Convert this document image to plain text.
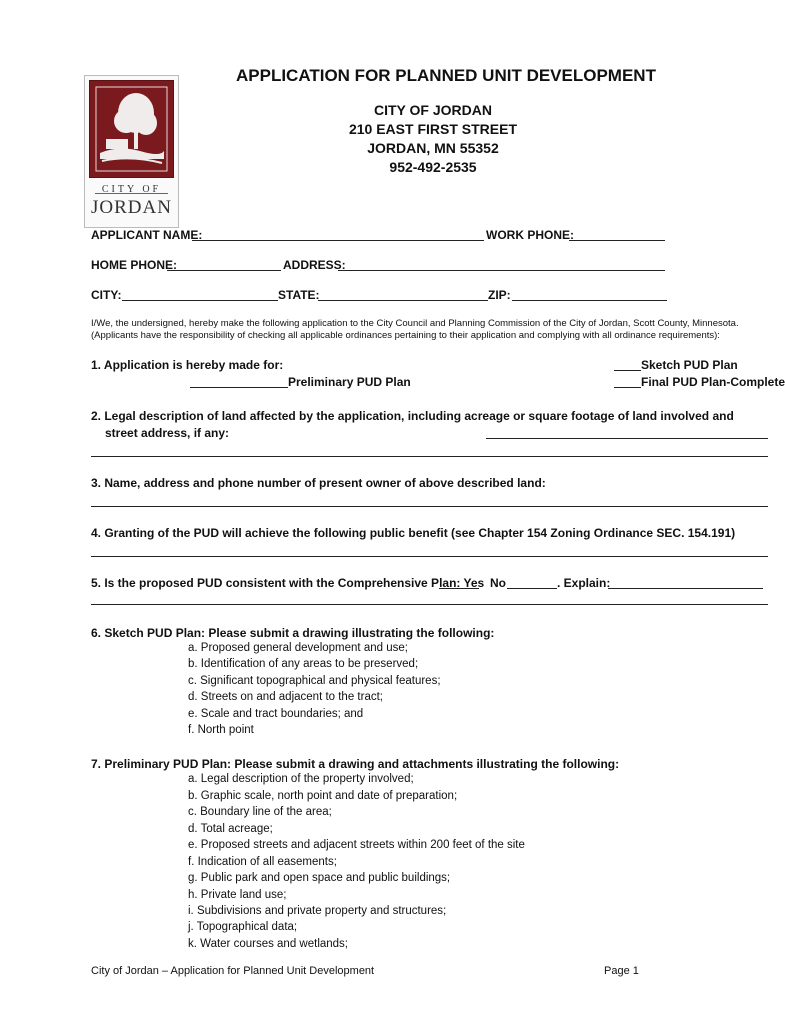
CITY OF
JORDAN
APPLICATION FOR PLANNED UNIT DEVELOPMENT
CITY OF JORDAN
210 EAST FIRST STREET
JORDAN, MN 55352
952-492-2535
APPLICANT NAME:	WORK PHONE:
HOME PHONE:	ADDRESS:
CITY:	STATE:	ZIP:
I/We, the undersigned, hereby make the following application to the City Council and Planning Commission of the City of Jordan, Scott County, Minnesota.
(Applicants have the responsibility of checking all applicable ordinances pertaining to their application and complying with all ordinance requirements):
1. Application is hereby made for:	Sketch PUD Plan
Preliminary PUD Plan	Final PUD Plan-Complete
2. Legal description of land affected by the application, including acreage or square footage of land involved and
street address, if any:
3. Name, address and phone number of present owner of above described land:
4. Granting of the PUD will achieve the following public benefit (see Chapter 154 Zoning Ordinance SEC. 154.191)
5. Is the proposed PUD consistent with the Comprehensive Plan: Yes No	. Explain:
6. Sketch PUD Plan: Please submit a drawing illustrating the following:
a. Proposed general development and use;
b. Identification of any areas to be preserved;
c. Significant topographical and physical features;
d. Streets on and adjacent to the tract;
e. Scale and tract boundaries; and
f. North point
7. Preliminary PUD Plan: Please submit a drawing and attachments illustrating the following:
a. Legal description of the property involved;
b. Graphic scale, north point and date of preparation;
c. Boundary line of the area;
d. Total acreage;
e. Proposed streets and adjacent streets within 200 feet of the site
f. Indication of all easements;
g. Public park and open space and public buildings;
h. Private land use;
i. Subdivisions and private property and structures;
j. Topographical data;
k. Water courses and wetlands;
City of Jordan – Application for Planned Unit Development	Page 1
